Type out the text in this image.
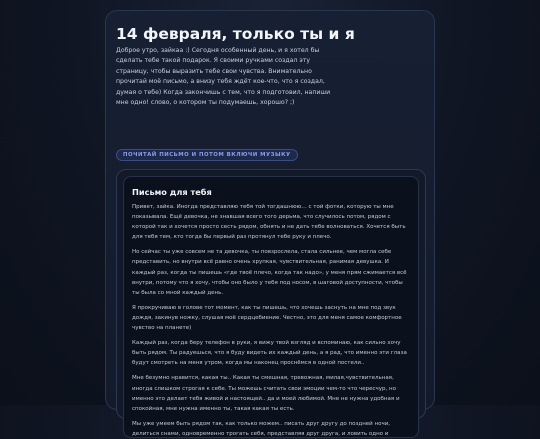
14 февраля, только ты и я
Доброе утро, зайкаа :) Сегодня особенный день, и я хотел бы сделать тебе такой подарок. Я своими ручками создал эту страницу, чтобы выразить тебе свои чувства. Внимательно прочитай моё письмо, а внизу тебя ждёт кое-что, что я создал, думая о тебе) Когда закончишь с тем, что я подготовил, напиши мне одно! слово, о котором ты подумаешь, хорошо? ;)
ПОЧИТАЙ ПИСЬМО И ПОТОМ ВКЛЮЧИ МУЗЫКУ
Письмо для тебя

Привет, зайка. Иногда представляю тебя той тогдашнюю… с той фотки, которую ты мне показывала. Ещё девочка, не знавшая всего того дерьма, что случилось потом, рядом с которой так и хочется просто сесть рядом, обнять и не дать тебе волноваться. Хочется быть для тебя тем, кто тогда бы первый раз протянул тебе руку и плечо.

Но сейчас ты уже совсем не та девочка, ты повзрослела, стала сильнее, чем могла себе представить, но внутри всё равно очень хрупкая, чувствительная, ранимая девушка. И каждый раз, когда ты пишешь «где твоё плечо, когда так надо», у меня прям сжимается всё внутри, потому что я хочу, чтобы оно было у тебя под носом, в шаговой доступности, чтобы ты была со мной каждый день.

Я прокручиваю в голове тот момент, как ты пишешь, что хочешь заснуть на мне под звук дождя, закинув ножку, слушая моё сердцебиение. Честно, это для меня самое комфортное чувство на планете)

Каждый раз, когда беру телефон в руки, я вижу твой взгляд и вспоминаю, как сильно хочу быть рядом. Ты радуешься, что я буду видеть их каждый день, а я рад, что именно эти глаза будут смотреть на меня утром, когда мы наконец проснёмся в одной постели..

Мне безумно нравится, какая ты.. Какая ты смешная, тревожная, милая,чувствительная, иногда слишком строгая к себе. Ты можешь считать свои эмоции чем-то что чересчур, но именно это делает тебя живой и настоящей.. да и моей любимой. Мне не нужна удобная и спокойная, мне нужна именно ты, такая какая ты есть.

Мы уже умеем быть рядом так, как только можем.. писать друг другу до поздней ночи, делиться снами, одновременно трогать себя, представляя друг друга, и ловить одно и
